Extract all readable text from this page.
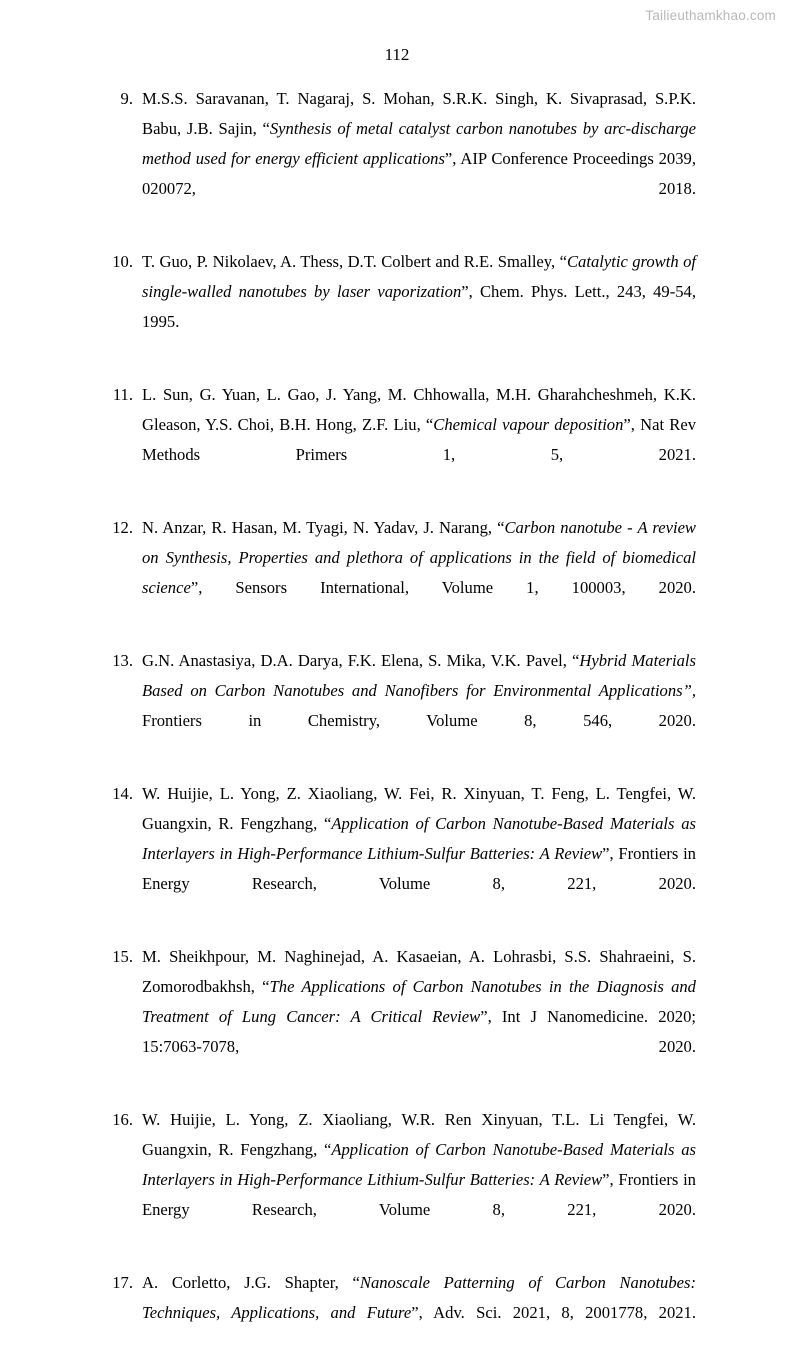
Tailieuthamkhao.com
112
9. M.S.S. Saravanan, T. Nagaraj, S. Mohan, S.R.K. Singh, K. Sivaprasad, S.P.K. Babu, J.B. Sajin, “Synthesis of metal catalyst carbon nanotubes by arc-discharge method used for energy efficient applications”, AIP Conference Proceedings 2039, 020072, 2018.
10. T. Guo, P. Nikolaev, A. Thess, D.T. Colbert and R.E. Smalley, “Catalytic growth of single-walled nanotubes by laser vaporization”, Chem. Phys. Lett., 243, 49-54, 1995.
11. L. Sun, G. Yuan, L. Gao, J. Yang, M. Chhowalla, M.H. Gharahcheshmeh, K.K. Gleason, Y.S. Choi, B.H. Hong, Z.F. Liu, “Chemical vapour deposition”, Nat Rev Methods Primers 1, 5, 2021.
12. N. Anzar, R. Hasan, M. Tyagi, N. Yadav, J. Narang, “Carbon nanotube - A review on Synthesis, Properties and plethora of applications in the field of biomedical science”, Sensors International, Volume 1, 100003, 2020.
13. G.N. Anastasiya, D.A. Darya, F.K. Elena, S. Mika, V.K. Pavel, “Hybrid Materials Based on Carbon Nanotubes and Nanofibers for Environmental Applications”, Frontiers in Chemistry, Volume 8, 546, 2020.
14. W. Huijie, L. Yong, Z. Xiaoliang, W. Fei, R. Xinyuan, T. Feng, L. Tengfei, W. Guangxin, R. Fengzhang, “Application of Carbon Nanotube-Based Materials as Interlayers in High-Performance Lithium-Sulfur Batteries: A Review”, Frontiers in Energy Research, Volume 8, 221, 2020.
15. M. Sheikhpour, M. Naghinejad, A. Kasaeian, A. Lohrasbi, S.S. Shahraeini, S. Zomorodbakhsh, “The Applications of Carbon Nanotubes in the Diagnosis and Treatment of Lung Cancer: A Critical Review”, Int J Nanomedicine. 2020; 15:7063-7078, 2020.
16. W. Huijie, L. Yong, Z. Xiaoliang, W.R. Ren Xinyuan, T.L. Li Tengfei, W. Guangxin, R. Fengzhang, “Application of Carbon Nanotube-Based Materials as Interlayers in High-Performance Lithium-Sulfur Batteries: A Review”, Frontiers in Energy Research, Volume 8, 221, 2020.
17. A. Corletto, J.G. Shapter, “Nanoscale Patterning of Carbon Nanotubes: Techniques, Applications, and Future”, Adv. Sci. 2021, 8, 2001778, 2021.
